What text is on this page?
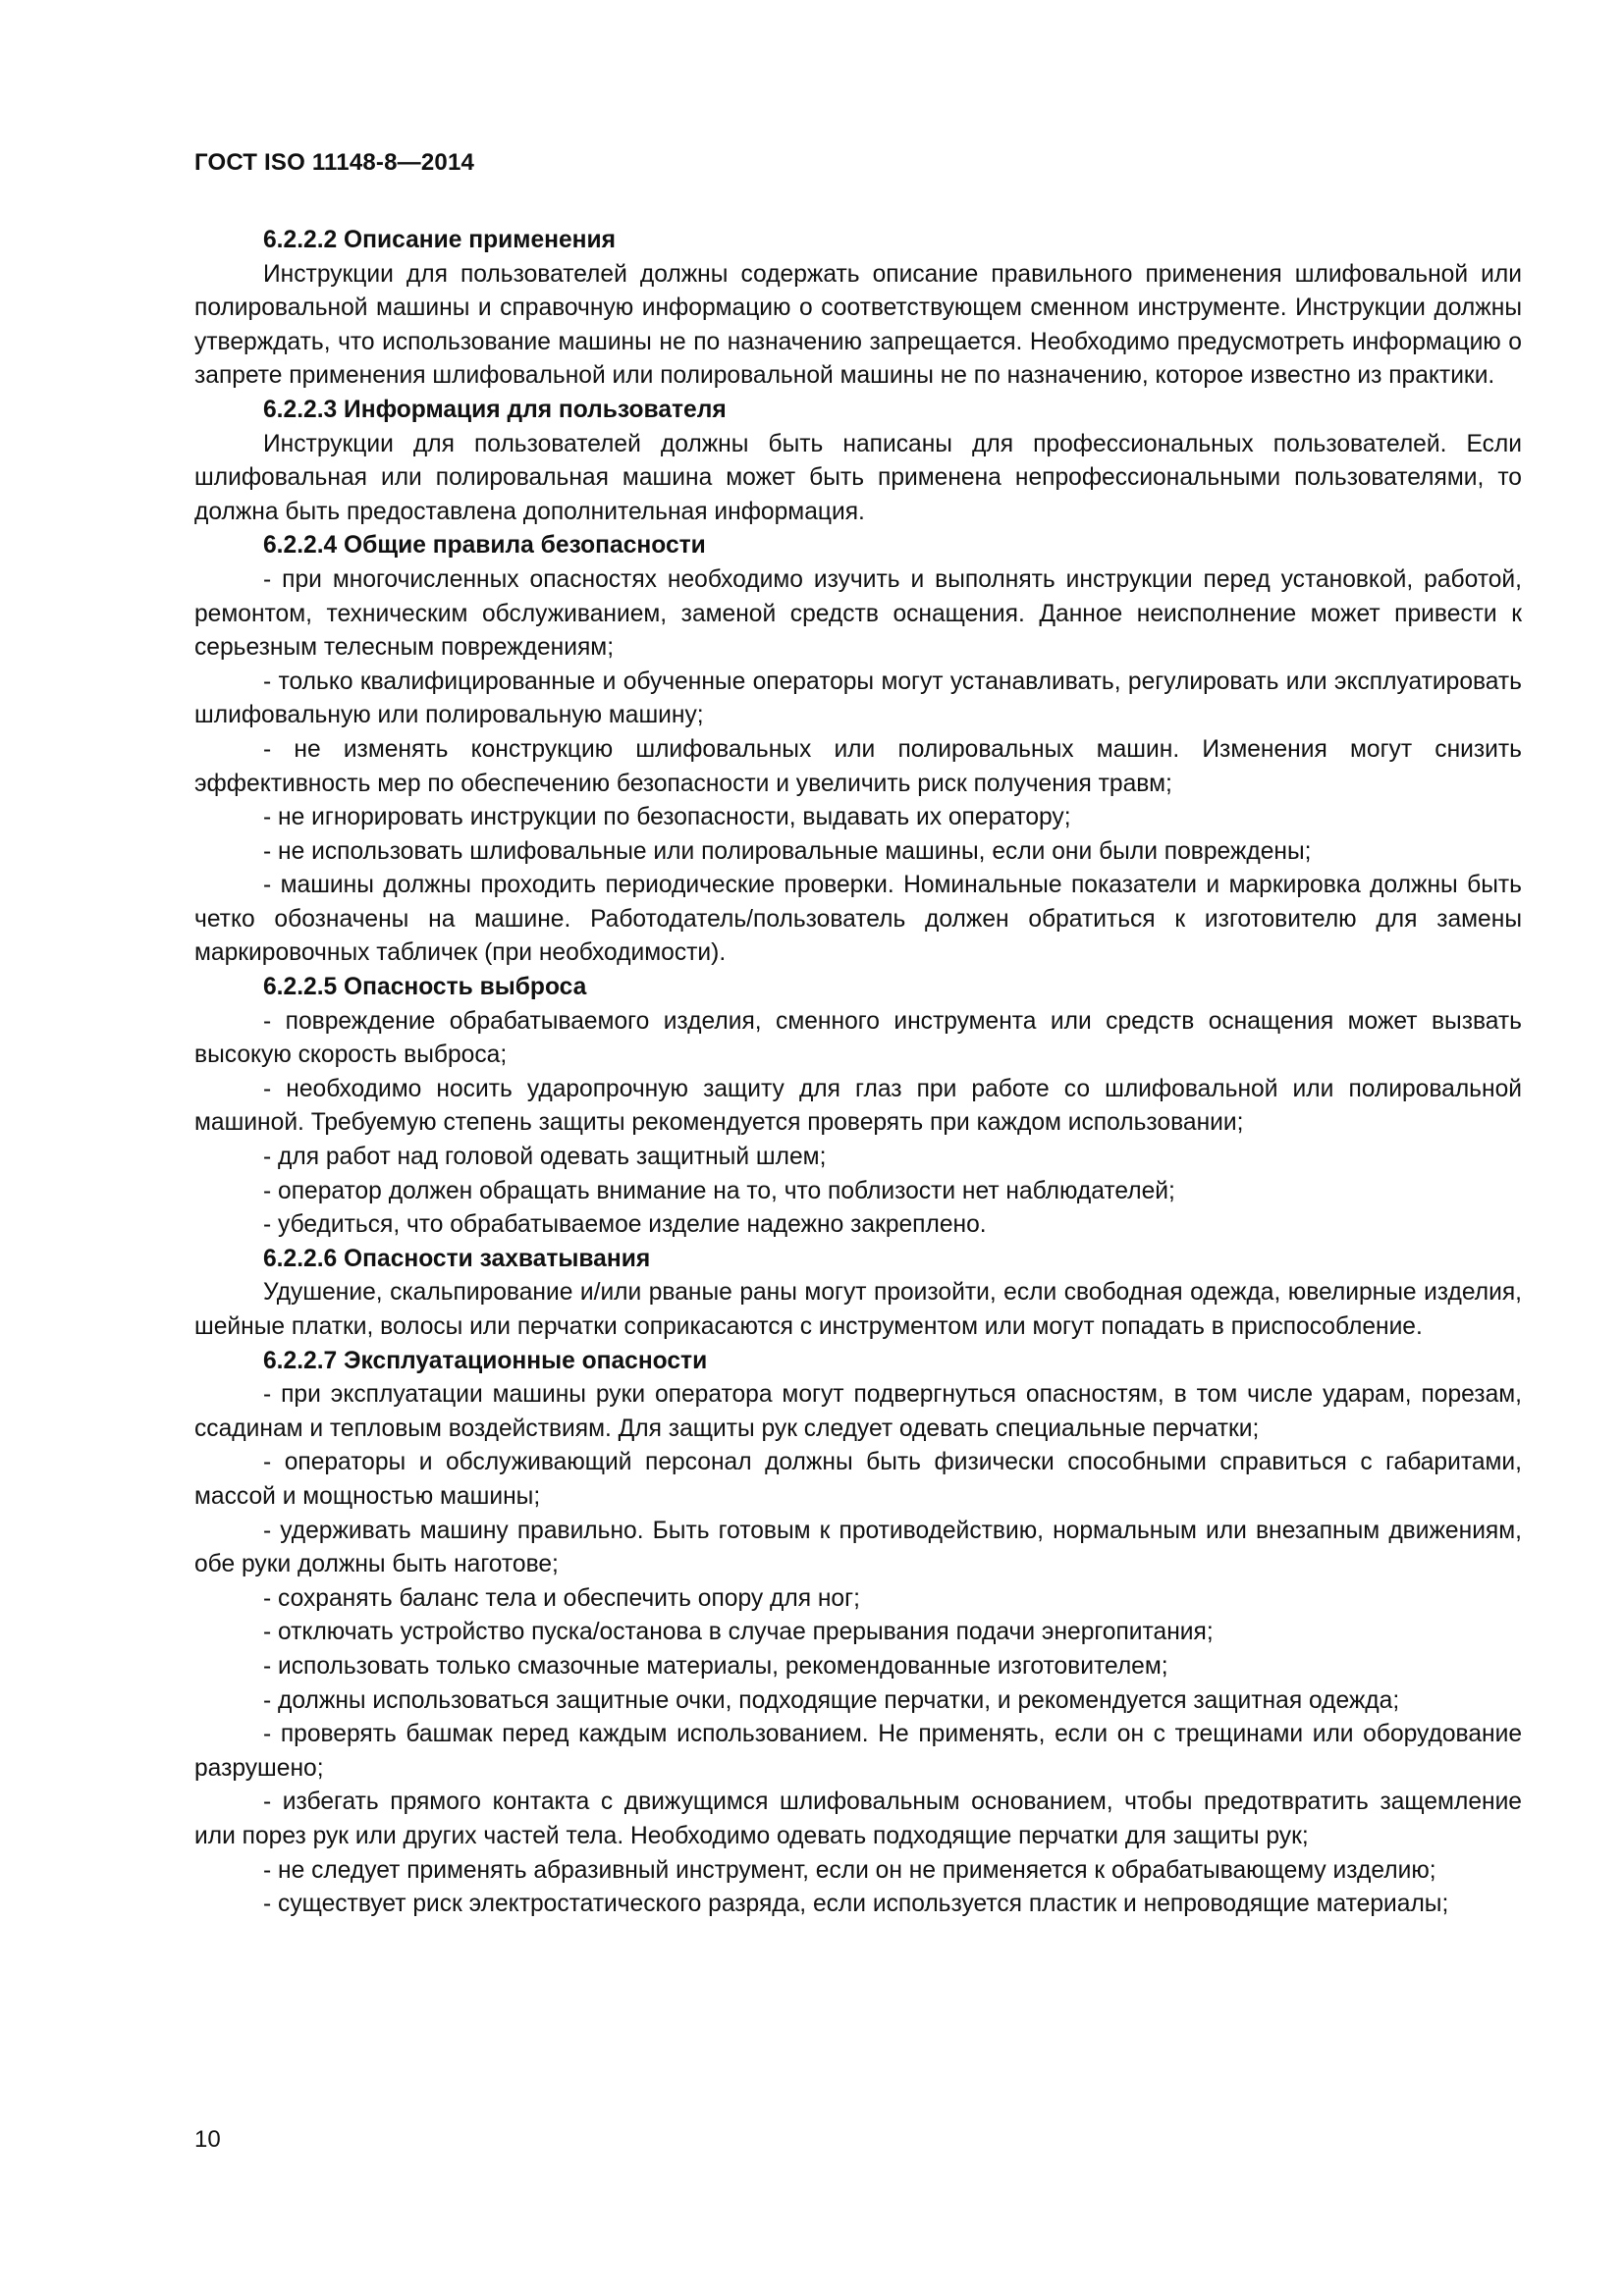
ГОСТ ISO 11148-8—2014

6.2.2.2 Описание применения

Инструкции для пользователей должны содержать описание правильного применения шлифовальной или полировальной машины и справочную информацию о соответствующем сменном инструменте. Инструкции должны утверждать, что использование машины не по назначению запрещается. Необходимо предусмотреть информацию о запрете применения шлифовальной или полировальной машины не по назначению, которое известно из практики.

6.2.2.3 Информация для пользователя

Инструкции для пользователей должны быть написаны для профессиональных пользователей. Если шлифовальная или полировальная машина может быть применена непрофессиональными пользователями, то должна быть предоставлена дополнительная информация.

6.2.2.4 Общие правила безопасности

- при многочисленных опасностях необходимо изучить и выполнять инструкции перед установкой, работой, ремонтом, техническим обслуживанием, заменой средств оснащения. Данное неисполнение может привести к серьезным телесным повреждениям;

- только квалифицированные и обученные операторы могут устанавливать, регулировать или эксплуатировать шлифовальную или полировальную машину;

- не изменять конструкцию шлифовальных или полировальных машин. Изменения могут снизить эффективность мер по обеспечению безопасности и увеличить риск получения травм;

- не игнорировать инструкции по безопасности, выдавать их оператору;

- не использовать шлифовальные или полировальные машины, если они были повреждены;

- машины должны проходить периодические проверки. Номинальные показатели и маркировка должны быть четко обозначены на машине. Работодатель/пользователь должен обратиться к изготовителю для замены маркировочных табличек (при необходимости).

6.2.2.5 Опасность выброса

- повреждение обрабатываемого изделия, сменного инструмента или средств оснащения может вызвать высокую скорость выброса;

- необходимо носить ударопрочную защиту для глаз при работе со шлифовальной или полировальной машиной. Требуемую степень защиты рекомендуется проверять при каждом использовании;

- для работ над головой одевать защитный шлем;

- оператор должен обращать внимание на то, что поблизости нет наблюдателей;

- убедиться, что обрабатываемое изделие надежно закреплено.

6.2.2.6 Опасности захватывания

Удушение, скальпирование и/или рваные раны могут произойти, если свободная одежда, ювелирные изделия, шейные платки, волосы или перчатки соприкасаются с инструментом или могут попадать в приспособление.

6.2.2.7 Эксплуатационные опасности

- при эксплуатации машины руки оператора могут подвергнуться опасностям, в том числе ударам, порезам, ссадинам и тепловым воздействиям. Для защиты рук следует одевать специальные перчатки;

- операторы и обслуживающий персонал должны быть физически способными справиться с габаритами, массой и мощностью машины;

- удерживать машину правильно. Быть готовым к противодействию, нормальным или внезапным движениям, обе руки должны быть наготове;

- сохранять баланс тела и обеспечить опору для ног;

- отключать устройство пуска/останова в случае прерывания подачи энергопитания;

- использовать только смазочные материалы, рекомендованные изготовителем;

- должны использоваться защитные очки, подходящие перчатки, и рекомендуется защитная одежда;

- проверять башмак перед каждым использованием. Не применять, если он с трещинами или оборудование разрушено;

- избегать прямого контакта с движущимся шлифовальным основанием, чтобы предотвратить защемление или порез рук или других частей тела. Необходимо одевать подходящие перчатки для защиты рук;

- не следует применять абразивный инструмент, если он не применяется к обрабатывающему изделию;

- существует риск электростатического разряда, если используется пластик и непроводящие материалы;

10
